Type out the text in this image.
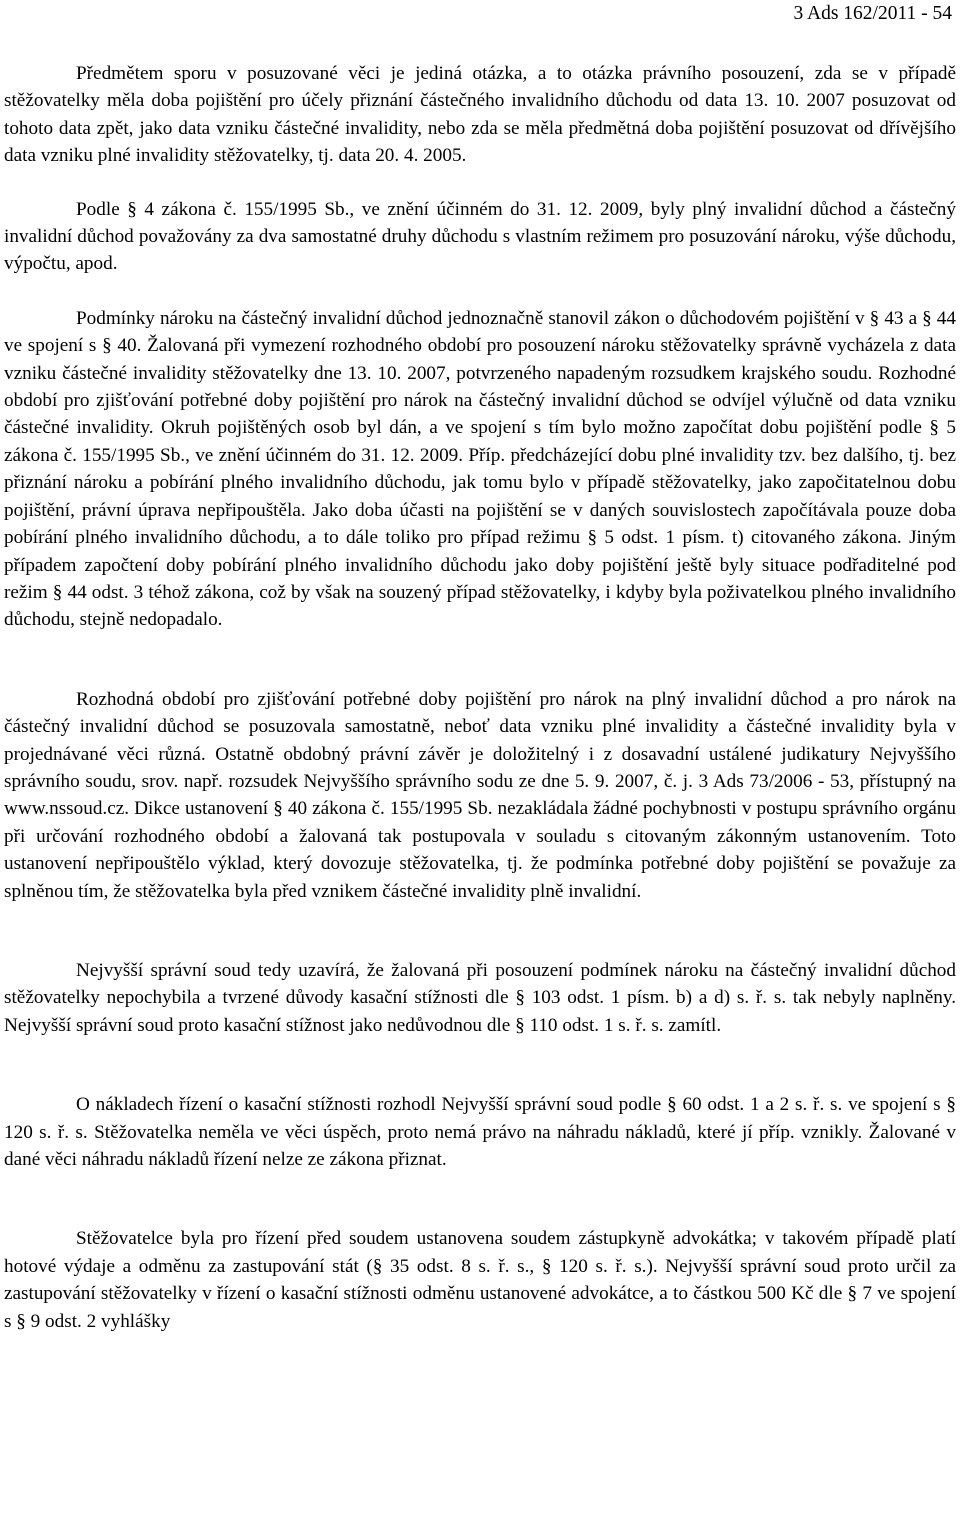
3 Ads 162/2011 - 54

Předmětem sporu v posuzované věci je jediná otázka, a to otázka právního posouzení, zda se v případě stěžovatelky měla doba pojištění pro účely přiznání částečného invalidního důchodu od data 13. 10. 2007 posuzovat od tohoto data zpět, jako data vzniku částečné invalidity, nebo zda se měla předmětná doba pojištění posuzovat od dřívějšího data vzniku plné invalidity stěžovatelky, tj. data 20. 4. 2005.

Podle § 4 zákona č. 155/1995 Sb., ve znění účinném do 31. 12. 2009, byly plný invalidní důchod a částečný invalidní důchod považovány za dva samostatné druhy důchodu s vlastním režimem pro posuzování nároku, výše důchodu, výpočtu, apod.

Podmínky nároku na částečný invalidní důchod jednoznačně stanovil zákon o důchodovém pojištění v § 43 a § 44 ve spojení s § 40. Žalovaná při vymezení rozhodného období pro posouzení nároku stěžovatelky správně vycházela z data vzniku částečné invalidity stěžovatelky dne 13. 10. 2007, potvrzeného napadeným rozsudkem krajského soudu. Rozhodné období pro zjišťování potřebné doby pojištění pro nárok na částečný invalidní důchod se odvíjel výlučně od data vzniku částečné invalidity. Okruh pojištěných osob byl dán, a ve spojení s tím bylo možno započítat dobu pojištění podle § 5 zákona č. 155/1995 Sb., ve znění účinném do 31. 12. 2009. Příp. předcházející dobu plné invalidity tzv. bez dalšího, tj. bez přiznání nároku a pobírání plného invalidního důchodu, jak tomu bylo v případě stěžovatelky, jako započitatelnou dobu pojištění, právní úprava nepřipouštěla. Jako doba účasti na pojištění se v daných souvislostech započítávala pouze doba pobírání plného invalidního důchodu, a to dále toliko pro případ režimu § 5 odst. 1 písm. t) citovaného zákona. Jiným případem započtení doby pobírání plného invalidního důchodu jako doby pojištění ještě byly situace podřaditelné pod režim § 44 odst. 3 téhož zákona, což by však na souzený případ stěžovatelky, i kdyby byla poživatelkou plného invalidního důchodu, stejně nedopadalo.

Rozhodná období pro zjišťování potřebné doby pojištění pro nárok na plný invalidní důchod a pro nárok na částečný invalidní důchod se posuzovala samostatně, neboť data vzniku plné invalidity a částečné invalidity byla v projednávané věci různá. Ostatně obdobný právní závěr je doložitelný i z dosavadní ustálené judikatury Nejvyššího správního soudu, srov. např. rozsudek Nejvyššího správního sodu ze dne 5. 9. 2007, č. j. 3 Ads 73/2006 - 53, přístupný na www.nssoud.cz. Dikce ustanovení § 40 zákona č. 155/1995 Sb. nezakládala žádné pochybnosti v postupu správního orgánu při určování rozhodného období a žalovaná tak postupovala v souladu s citovaným zákonným ustanovením. Toto ustanovení nepřipouštělo výklad, který dovozuje stěžovatelka, tj. že podmínka potřebné doby pojištění se považuje za splněnou tím, že stěžovatelka byla před vznikem částečné invalidity plně invalidní.

Nejvyšší správní soud tedy uzavírá, že žalovaná při posouzení podmínek nároku na částečný invalidní důchod stěžovatelky nepochybila a tvrzené důvody kasační stížnosti dle § 103 odst. 1 písm. b) a d) s. ř. s. tak nebyly naplněny. Nejvyšší správní soud proto kasační stížnost jako nedůvodnou dle § 110 odst. 1 s. ř. s. zamítl.

O nákladech řízení o kasační stížnosti rozhodl Nejvyšší správní soud podle § 60 odst. 1 a 2 s. ř. s. ve spojení s § 120 s. ř. s. Stěžovatelka neměla ve věci úspěch, proto nemá právo na náhradu nákladů, které jí příp. vznikly. Žalované v dané věci náhradu nákladů řízení nelze ze zákona přiznat.

Stěžovatelce byla pro řízení před soudem ustanovena soudem zástupkyně advokátka; v takovém případě platí hotové výdaje a odměnu za zastupování stát (§ 35 odst. 8 s. ř. s., § 120 s. ř. s.). Nejvyšší správní soud proto určil za zastupování stěžovatelky v řízení o kasační stížnosti odměnu ustanovené advokátce, a to částkou 500 Kč dle § 7 ve spojení s § 9 odst. 2 vyhlášky
